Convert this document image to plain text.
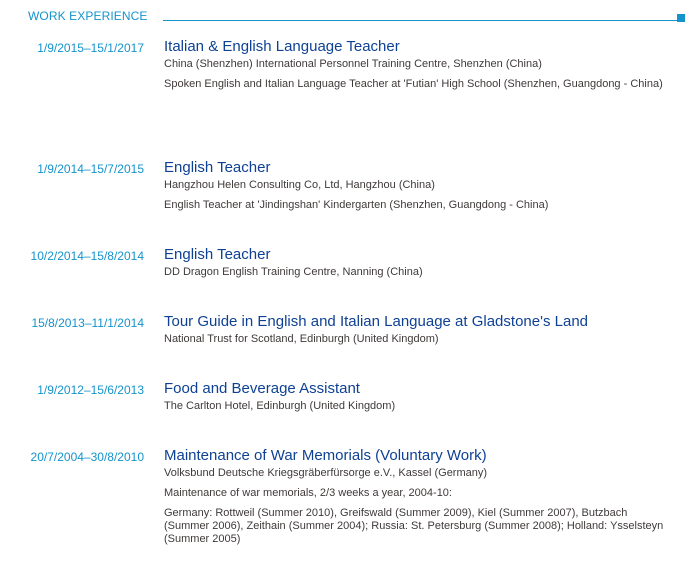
WORK EXPERIENCE
1/9/2015–15/1/2017 Italian & English Language Teacher
China (Shenzhen) International Personnel Training Centre, Shenzhen (China)
Spoken English and Italian Language Teacher at 'Futian' High School (Shenzhen, Guangdong - China)
1/9/2014–15/7/2015 English Teacher
Hangzhou Helen Consulting Co, Ltd, Hangzhou (China)
English Teacher at 'Jindingshan' Kindergarten (Shenzhen, Guangdong - China)
10/2/2014–15/8/2014 English Teacher
DD Dragon English Training Centre, Nanning (China)
15/8/2013–11/1/2014 Tour Guide in English and Italian Language at Gladstone's Land
National Trust for Scotland, Edinburgh (United Kingdom)
1/9/2012–15/6/2013 Food and Beverage Assistant
The Carlton Hotel, Edinburgh (United Kingdom)
20/7/2004–30/8/2010 Maintenance of War Memorials (Voluntary Work)
Volksbund Deutsche Kriegsgräberfürsorge e.V., Kassel (Germany)
Maintenance of war memorials, 2/3 weeks a year, 2004-10:
Germany: Rottweil (Summer 2010), Greifswald (Summer 2009), Kiel (Summer 2007), Butzbach (Summer 2006), Zeithain (Summer 2004); Russia: St. Petersburg (Summer 2008); Holland: Ysselsteyn (Summer 2005)
